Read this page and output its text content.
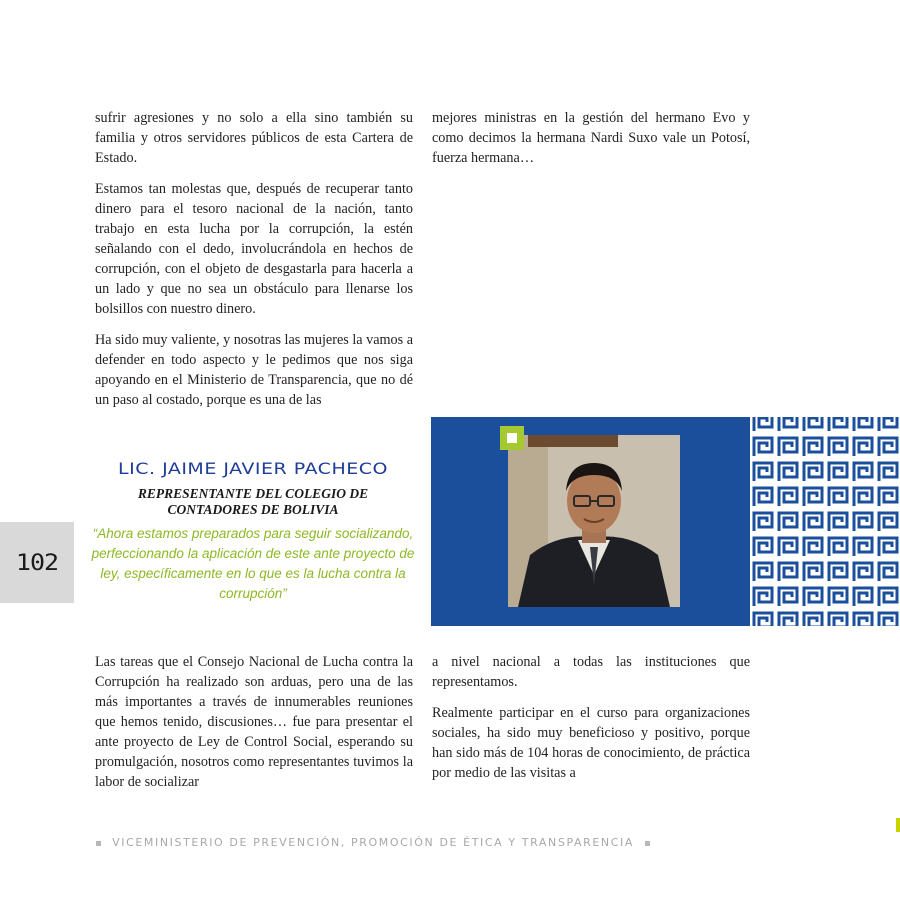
sufrir agresiones y no solo a ella sino también su familia y otros servidores públicos de esta Cartera de Estado.

Estamos tan molestas que, después de recuperar tanto dinero para el tesoro nacional de la nación, tanto trabajo en esta lucha por la corrupción, la estén señalando con el dedo, involucrándola en hechos de corrupción, con el objeto de desgastarla para hacerla a un lado y que no sea un obstáculo para llenarse los bolsillos con nuestro dinero.

Ha sido muy valiente, y nosotras las mujeres la vamos a defender en todo aspecto y le pedimos que nos siga apoyando en el Ministerio de Transparencia, que no dé un paso al costado, porque es una de las

mejores ministras en la gestión del hermano Evo y como decimos la hermana Nardi Suxo vale un Potosí, fuerza hermana…

102
LIC. JAIME JAVIER PACHECO
REPRESENTANTE DEL COLEGIO DE
CONTADORES DE BOLIVIA

“Ahora estamos preparados para seguir socializando, perfeccionando la aplicación de este ante proyecto de ley, específicamente en lo que es la lucha contra la corrupción”

Las tareas que el Consejo Nacional de Lucha contra la Corrupción ha realizado son arduas, pero una de las más importantes a través de innumerables reuniones que hemos tenido, discusiones… fue para presentar el ante proyecto de Ley de Control Social, esperando su promulgación, nosotros como representantes tuvimos la labor de socializar

a nivel nacional a todas las instituciones que representamos.

Realmente participar en el curso para organizaciones sociales, ha sido muy beneficioso y positivo, porque han sido más de 104 horas de conocimiento, de práctica por medio de las visitas a

VICEMINISTERIO DE PREVENCIÓN, PROMOCIÓN DE ÉTICA Y TRANSPARENCIA
